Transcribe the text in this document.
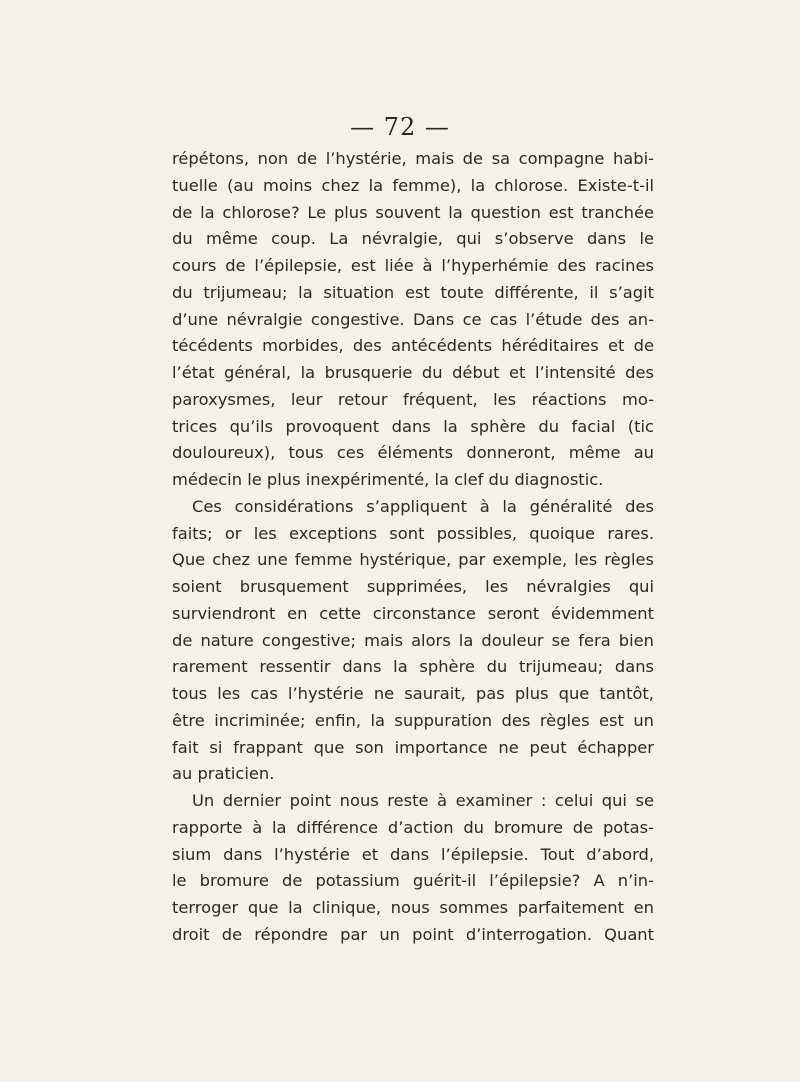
— 72 —
répétons, non de l’hystérie, mais de sa compagne habi-
tuelle (au moins chez la femme), la chlorose. Existe-t-il
de la chlorose? Le plus souvent la question est tranchée
du même coup. La névralgie, qui s’observe dans le
cours de l’épilepsie, est liée à l’hyperhémie des racines
du trijumeau; la situation est toute différente, il s’agit
d’une névralgie congestive. Dans ce cas l’étude des an-
técédents morbides, des antécédents héréditaires et de
l’état général, la brusquerie du début et l’intensité des
paroxysmes, leur retour fréquent, les réactions mo-
trices qu’ils provoquent dans la sphère du facial (tic
douloureux), tous ces éléments donneront, même au
médecin le plus inexpérimenté, la clef du diagnostic.
Ces considérations s’appliquent à la généralité des
faits; or les exceptions sont possibles, quoique rares.
Que chez une femme hystérique, par exemple, les règles
soient brusquement supprimées, les névralgies qui
surviendront en cette circonstance seront évidemment
de nature congestive; mais alors la douleur se fera bien
rarement ressentir dans la sphère du trijumeau; dans
tous les cas l’hystérie ne saurait, pas plus que tantôt,
être incriminée; enfin, la suppuration des règles est un
fait si frappant que son importance ne peut échapper
au praticien.
Un dernier point nous reste à examiner : celui qui se
rapporte à la différence d’action du bromure de potas-
sium dans l’hystérie et dans l’épilepsie. Tout d’abord,
le bromure de potassium guérit-il l’épilepsie? A n’in-
terroger que la clinique, nous sommes parfaitement en
droit de répondre par un point d’interrogation. Quant
